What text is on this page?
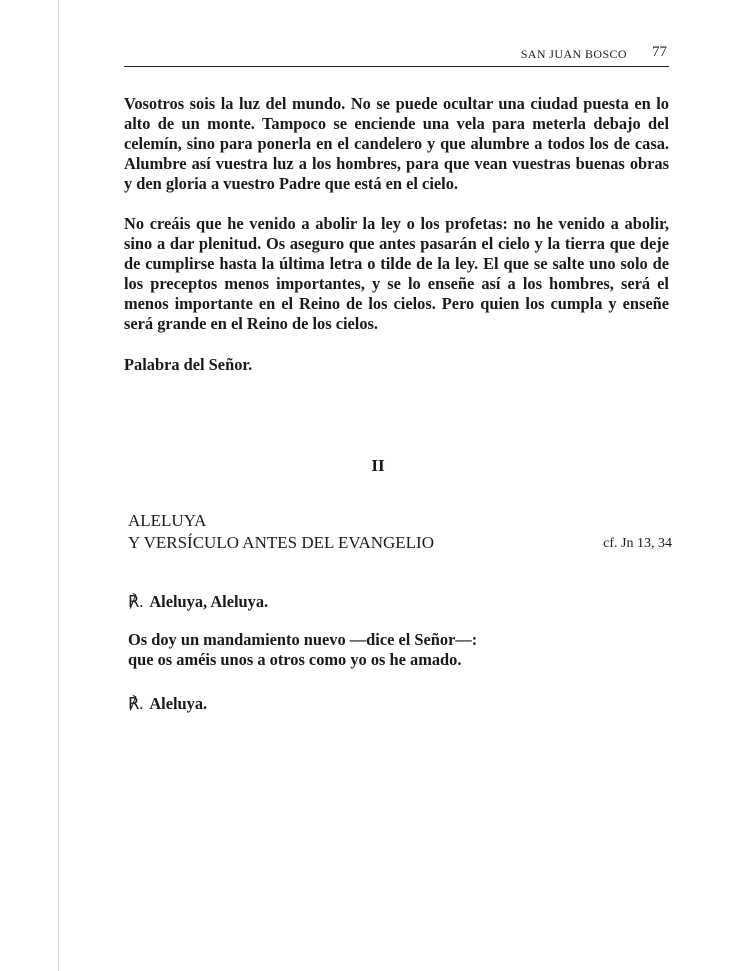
SAN JUAN BOSCO 77

Vosotros sois la luz del mundo. No se puede ocultar una ciudad puesta en lo alto de un monte. Tampoco se enciende una vela para meterla debajo del celemín, sino para ponerla en el candelero y que alumbre a todos los de casa. Alumbre así vuestra luz a los hombres, para que vean vuestras buenas obras y den gloria a vuestro Padre que está en el cielo.

No creáis que he venido a abolir la ley o los profetas: no he venido a abolir, sino a dar plenitud. Os aseguro que antes pasarán el cielo y la tierra que deje de cumplirse hasta la última letra o tilde de la ley. El que se salte uno solo de los preceptos menos importantes, y se lo enseñe así a los hombres, será el menos importante en el Reino de los cielos. Pero quien los cumpla y enseñe será grande en el Reino de los cielos.

Palabra del Señor.

II
ALELUYA
Y VERSÍCULO ANTES DEL EVANGELIO	cf. Jn 13, 34
℟. Aleluya, Aleluya.
Os doy un mandamiento nuevo —dice el Señor—:
que os améis unos a otros como yo os he amado.
℟. Aleluya.
